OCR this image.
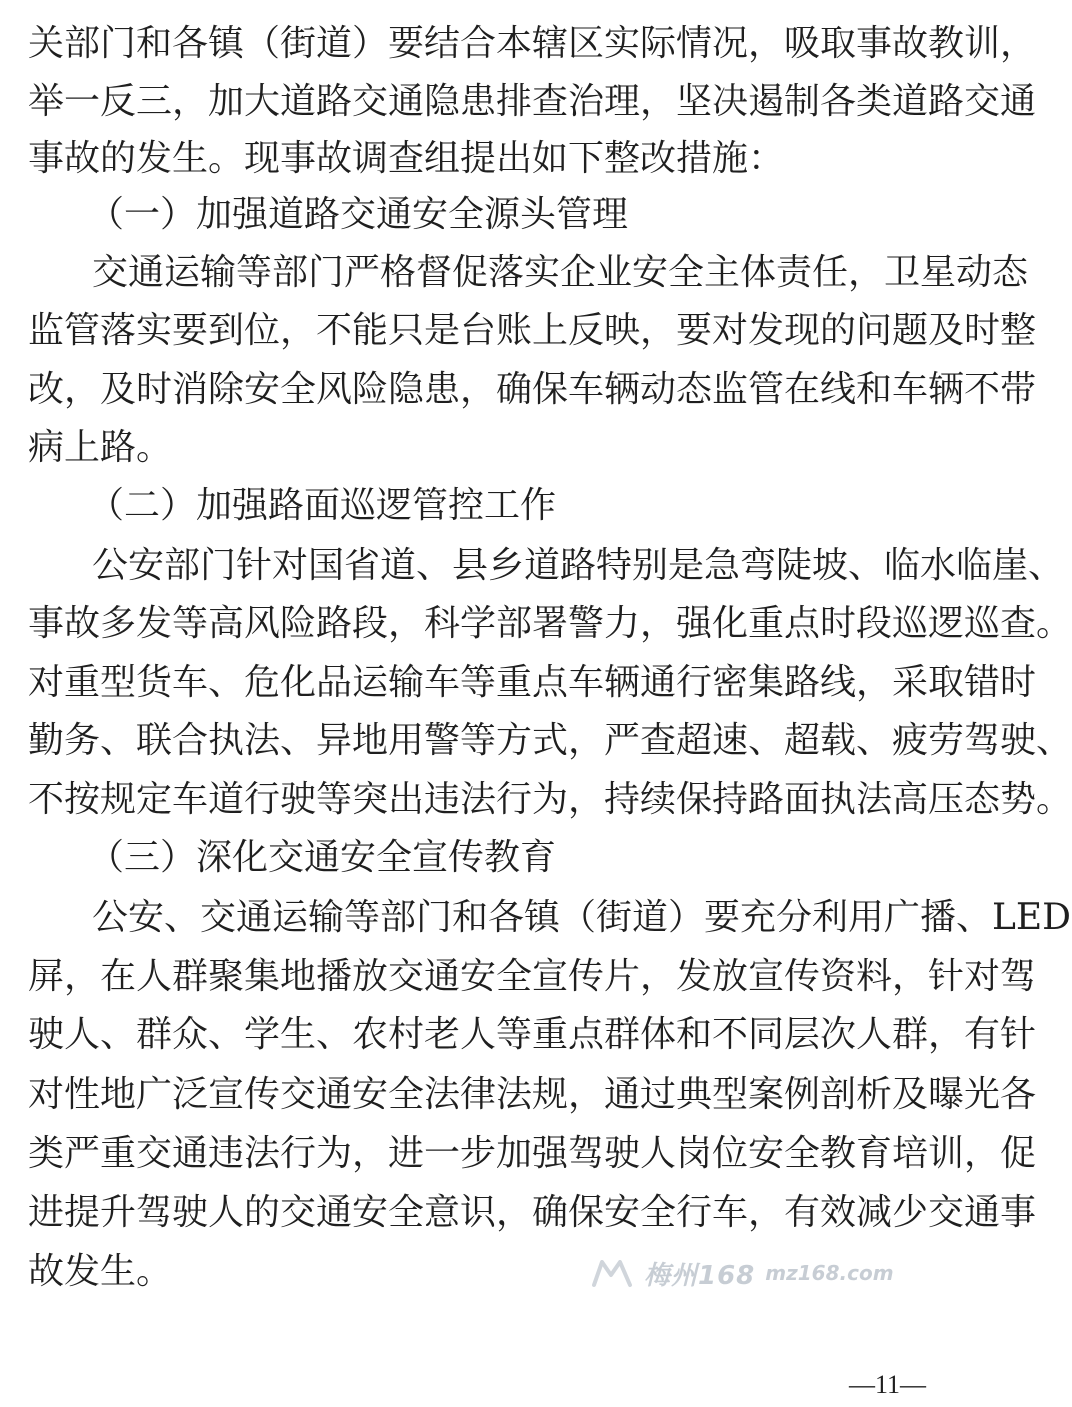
关部门和各镇（街道）要结合本辖区实际情况，吸取事故教训，
举一反三，加大道路交通隐患排查治理，坚决遏制各类道路交通
事故的发生。现事故调查组提出如下整改措施：
（一）加强道路交通安全源头管理
交通运输等部门严格督促落实企业安全主体责任，卫星动态
监管落实要到位，不能只是台账上反映，要对发现的问题及时整
改，及时消除安全风险隐患，确保车辆动态监管在线和车辆不带
病上路。
（二）加强路面巡逻管控工作
公安部门针对国省道、县乡道路特别是急弯陡坡、临水临崖、
事故多发等高风险路段，科学部署警力，强化重点时段巡逻巡查。
对重型货车、危化品运输车等重点车辆通行密集路线，采取错时
勤务、联合执法、异地用警等方式，严查超速、超载、疲劳驾驶、
不按规定车道行驶等突出违法行为，持续保持路面执法高压态势。
（三）深化交通安全宣传教育
公安、交通运输等部门和各镇（街道）要充分利用广播、LED
屏，在人群聚集地播放交通安全宣传片，发放宣传资料，针对驾
驶人、群众、学生、农村老人等重点群体和不同层次人群，有针
对性地广泛宣传交通安全法律法规，通过典型案例剖析及曝光各
类严重交通违法行为，进一步加强驾驶人岗位安全教育培训，促
进提升驾驶人的交通安全意识，确保安全行车，有效减少交通事
故发生。	梅州168 mz168.com
—11—
